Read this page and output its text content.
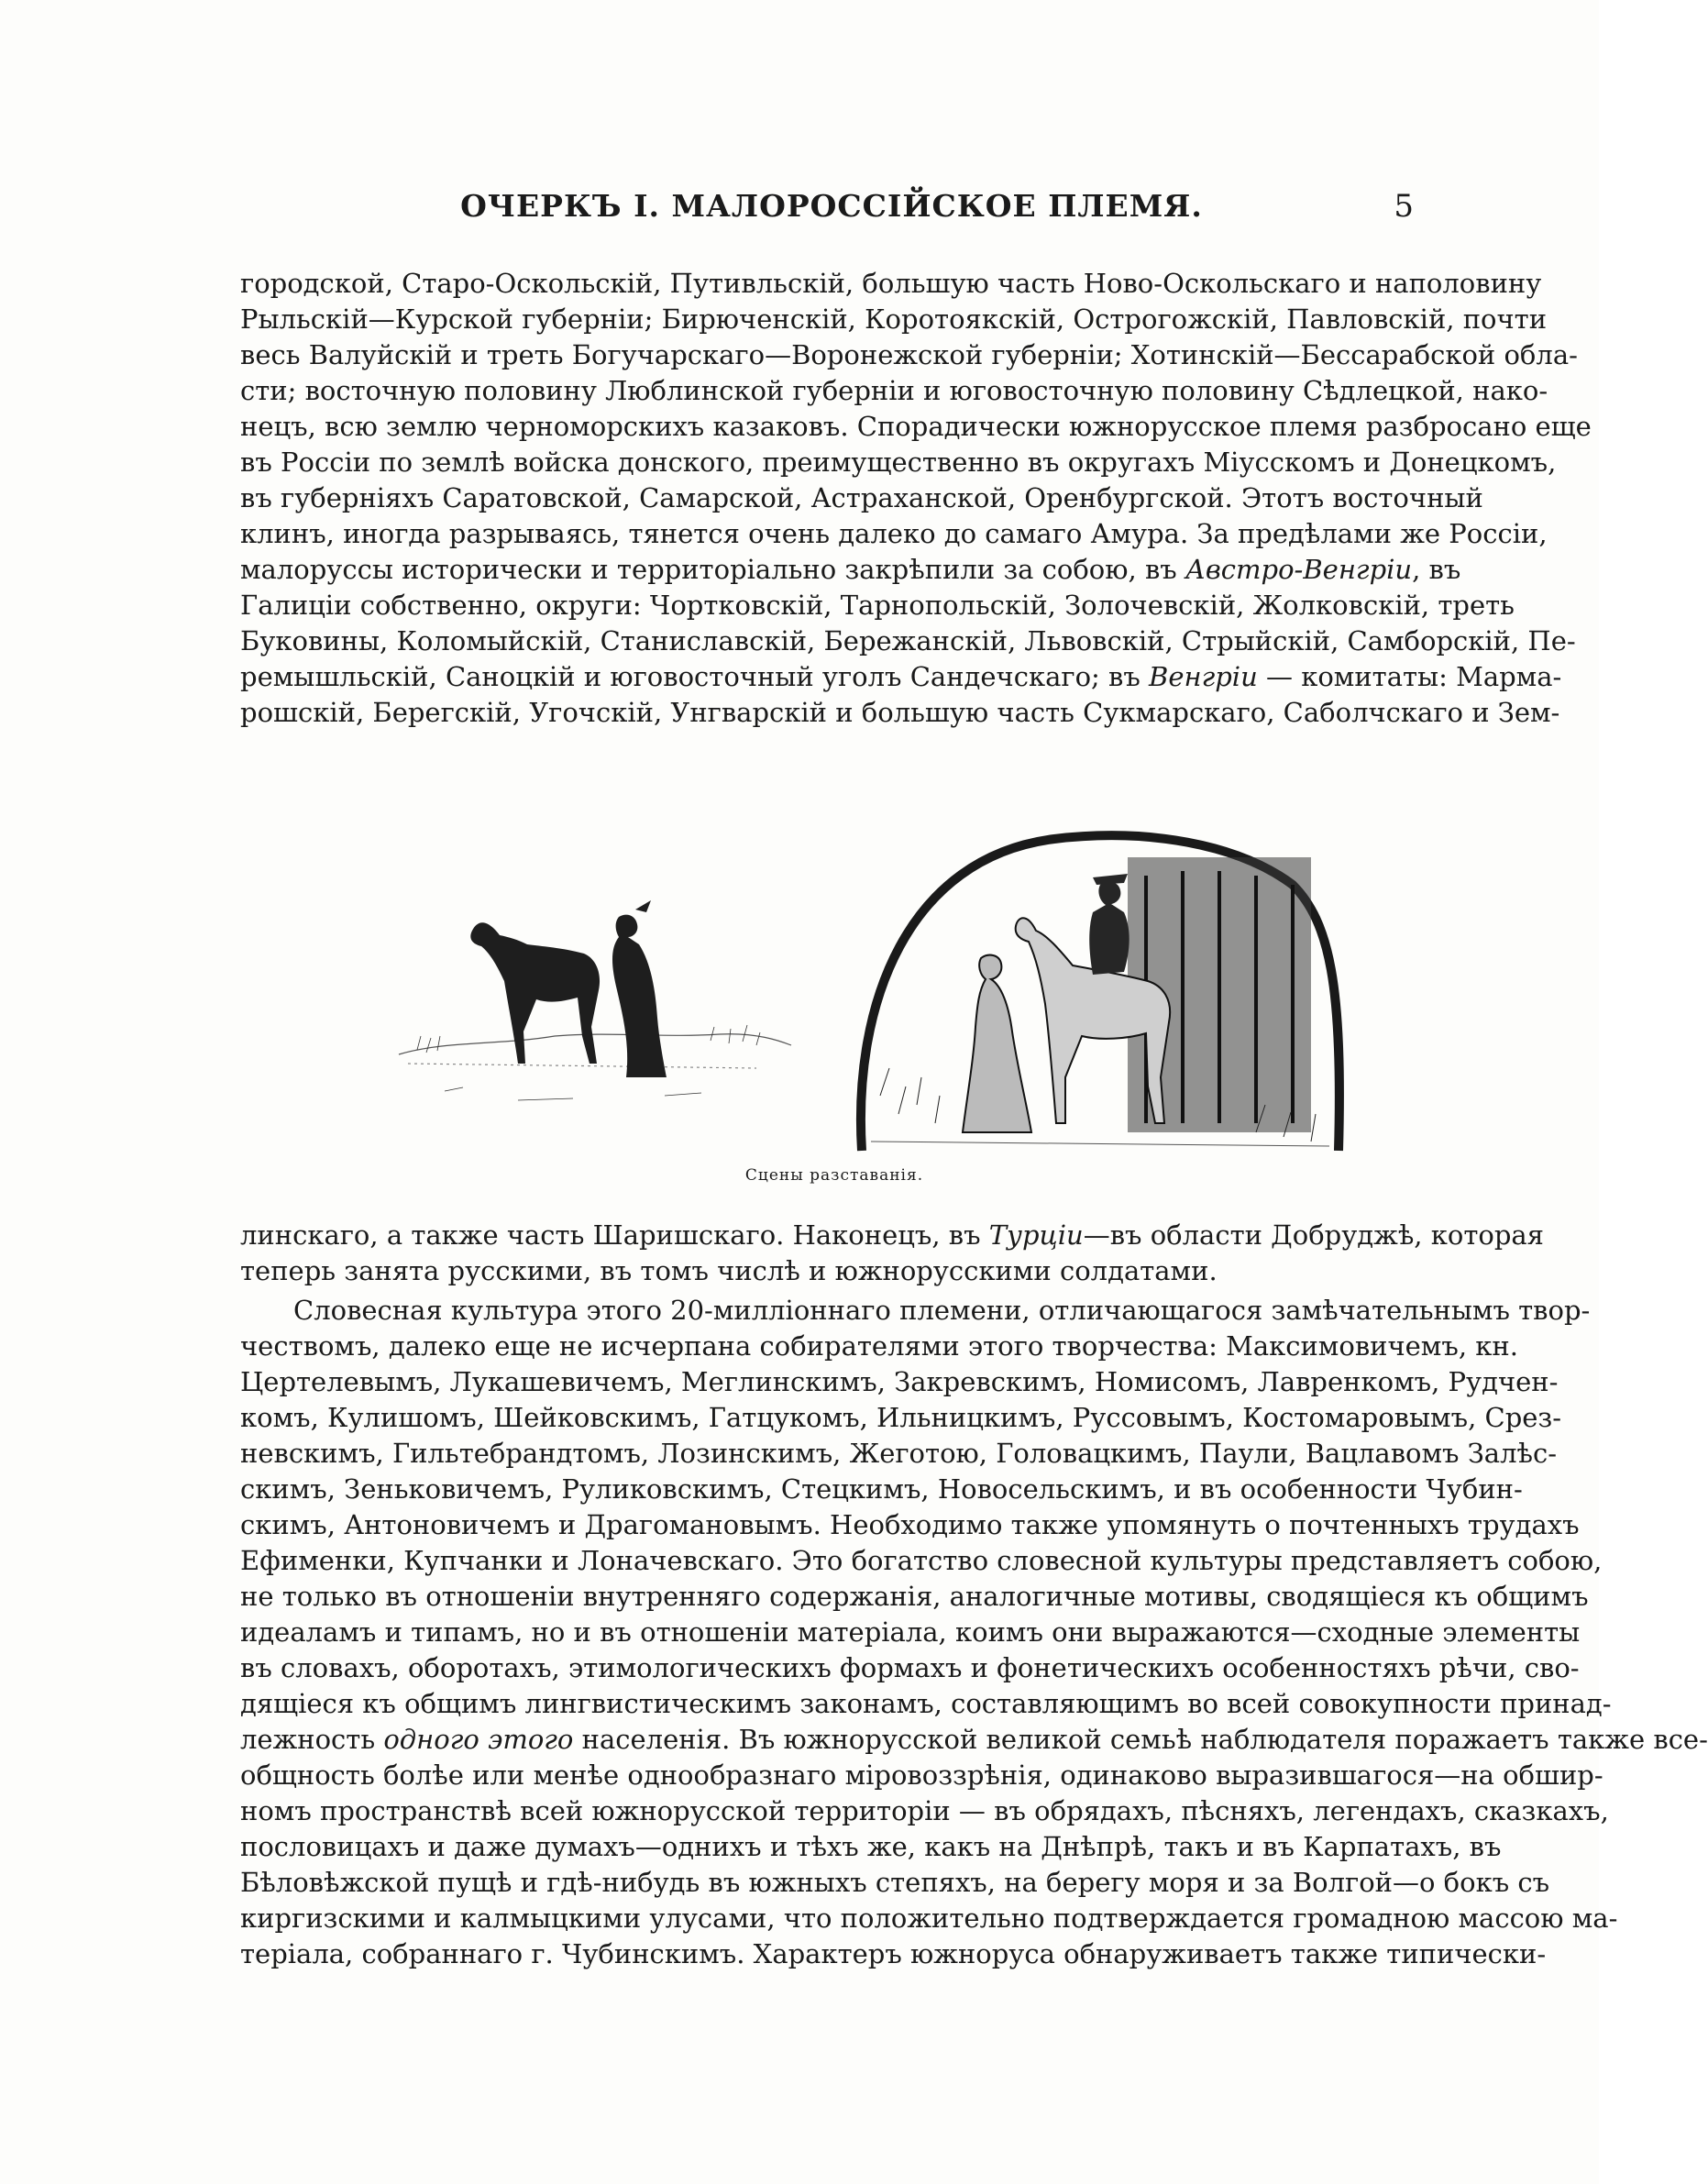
ОЧЕРКЪ I. МАЛОРОССІЙСКОЕ ПЛЕМЯ.	5
городской, Старо-Оскольскій, Путивльскій, большую часть Ново-Оскольскаго и наполовину
Рыльскій—Курской губерніи; Бирюченскій, Коротоякскій, Острогожскій, Павловскій, почти
весь Валуйскій и треть Богучарскаго—Воронежской губерніи; Хотинскій—Бессарабской обла-
сти; восточную половину Люблинской губерніи и юговосточную половину Сѣдлецкой, нако-
нецъ, всю землю черноморскихъ казаковъ. Спорадически южнорусское племя разбросано еще
въ Россіи по землѣ войска донского, преимущественно въ округахъ Міусскомъ и Донецкомъ,
въ губерніяхъ Саратовской, Самарской, Астраханской, Оренбургской. Этотъ восточный
клинъ, иногда разрываясь, тянется очень далеко до самаго Амура. За предѣлами же Россіи,
малоруссы исторически и территоріально закрѣпили за собою, въ Австро-Венгріи, въ
Галиціи собственно, округи: Чортковскій, Тарнопольскій, Золочевскій, Жолковскій, треть
Буковины, Коломыйскій, Станиславскій, Бережанскій, Львовскій, Стрыйскій, Самборскій, Пе-
ремышльскій, Саноцкій и юговосточный уголъ Сандечскаго; въ Венгріи — комитаты: Марма-
рошскій, Берегскій, Угочскій, Унгварскій и большую часть Сукмарскаго, Саболчскаго и Зем-
Сцены разставанія.
линскаго, а также часть Шаришскаго. Наконецъ, въ Турціи—въ области Добруджѣ, которая
теперь занята русскими, въ томъ числѣ и южнорусскими солдатами.
Словесная культура этого 20-милліоннаго племени, отличающагося замѣчательнымъ твор-
чествомъ, далеко еще не исчерпана собирателями этого творчества: Максимовичемъ, кн.
Цертелевымъ, Лукашевичемъ, Меглинскимъ, Закревскимъ, Номисомъ, Лавренкомъ, Рудчен-
комъ, Кулишомъ, Шейковскимъ, Гатцукомъ, Ильницкимъ, Руссовымъ, Костомаровымъ, Срез-
невскимъ, Гильтебрандтомъ, Лозинскимъ, Жеготою, Головацкимъ, Паули, Вацлавомъ Залѣс-
скимъ, Зеньковичемъ, Руликовскимъ, Стецкимъ, Новосельскимъ, и въ особенности Чубин-
скимъ, Антоновичемъ и Драгомановымъ. Необходимо также упомянуть о почтенныхъ трудахъ
Ефименки, Купчанки и Лонaчевскаго. Это богатство словесной культуры представляетъ собою,
не только въ отношеніи внутренняго содержанія, аналогичные мотивы, сводящіеся къ общимъ
идеаламъ и типамъ, но и въ отношеніи матеріала, коимъ они выражаются—сходные элементы
въ словахъ, оборотахъ, этимологическихъ формахъ и фонетическихъ особенностяхъ рѣчи, сво-
дящіеся къ общимъ лингвистическимъ законамъ, составляющимъ во всей совокупности принад-
лежность одного этого населенія. Въ южнорусской великой семьѣ наблюдателя поражаетъ также все-
общность болѣе или менѣе однообразнаго міровоззрѣнія, одинаково выразившагося—на обшир-
номъ пространствѣ всей южнорусской территоріи — въ обрядахъ, пѣсняхъ, легендахъ, сказкахъ,
пословицахъ и даже думахъ—однихъ и тѣхъ же, какъ на Днѣпрѣ, такъ и въ Карпатахъ, въ
Бѣловѣжской пущѣ и гдѣ-нибудь въ южныхъ степяхъ, на берегу моря и за Волгой—о бокъ съ
киргизскими и калмыцкими улусами, что положительно подтверждается громадною массою ма-
теріала, собраннаго г. Чубинскимъ. Характеръ южноруса обнаруживаетъ также типически-
